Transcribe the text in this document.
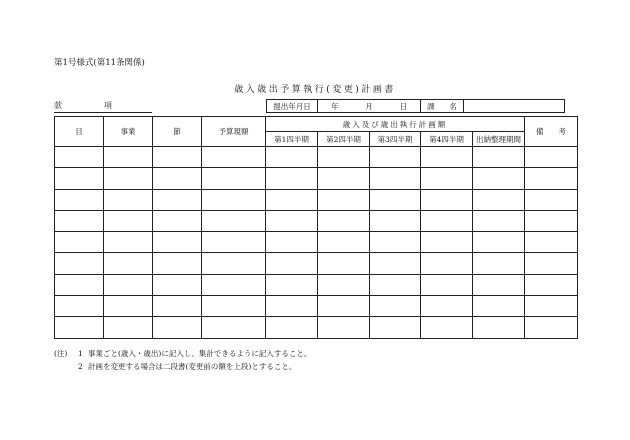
第1号様式(第11条関係)
歳入歳出予算執行(変更)計画書
款	項	提出年月日	年	月	日	課 名	
目	事業	節	予算現額	歳入及び歳出執行計画額					備　　考
				第1四半期	第2四半期	第3四半期	第4四半期	出納整理期間	

(注)	1 事業ごと(歳入・歳出)に記入し、集計できるように記入すること。
2 計画を変更する場合は二段書(変更前の額を上段)とすること。
